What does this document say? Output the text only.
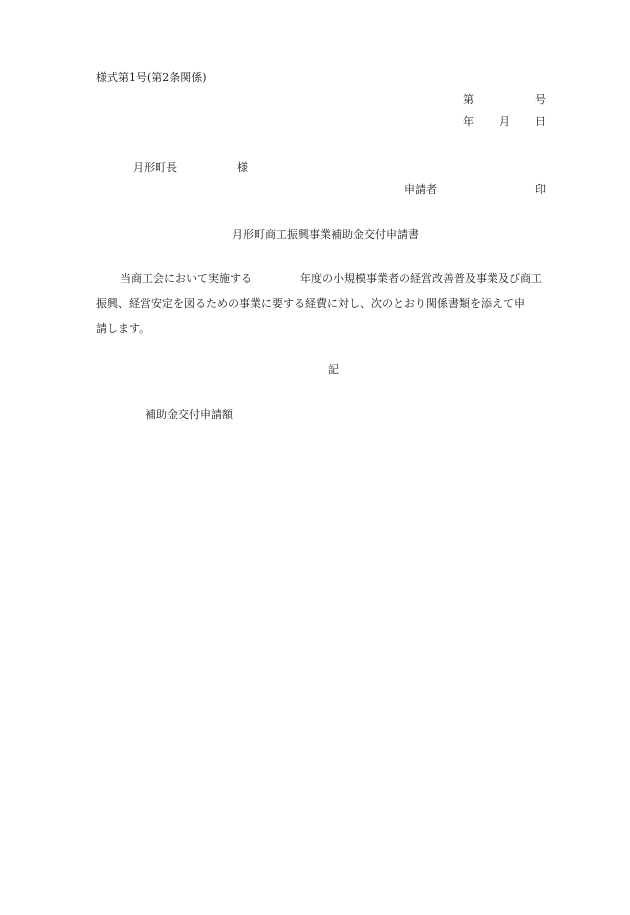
様式第1号(第2条関係)
第	号
年 月 日
月形町長	様
申請者	印
月形町商工振興事業補助金交付申請書
当商工会において実施する	年度の小規模事業者の経営改善普及事業及び商工
振興、経営安定を図るための事業に要する経費に対し、次のとおり関係書類を添えて申
請します。
記
補助金交付申請額
